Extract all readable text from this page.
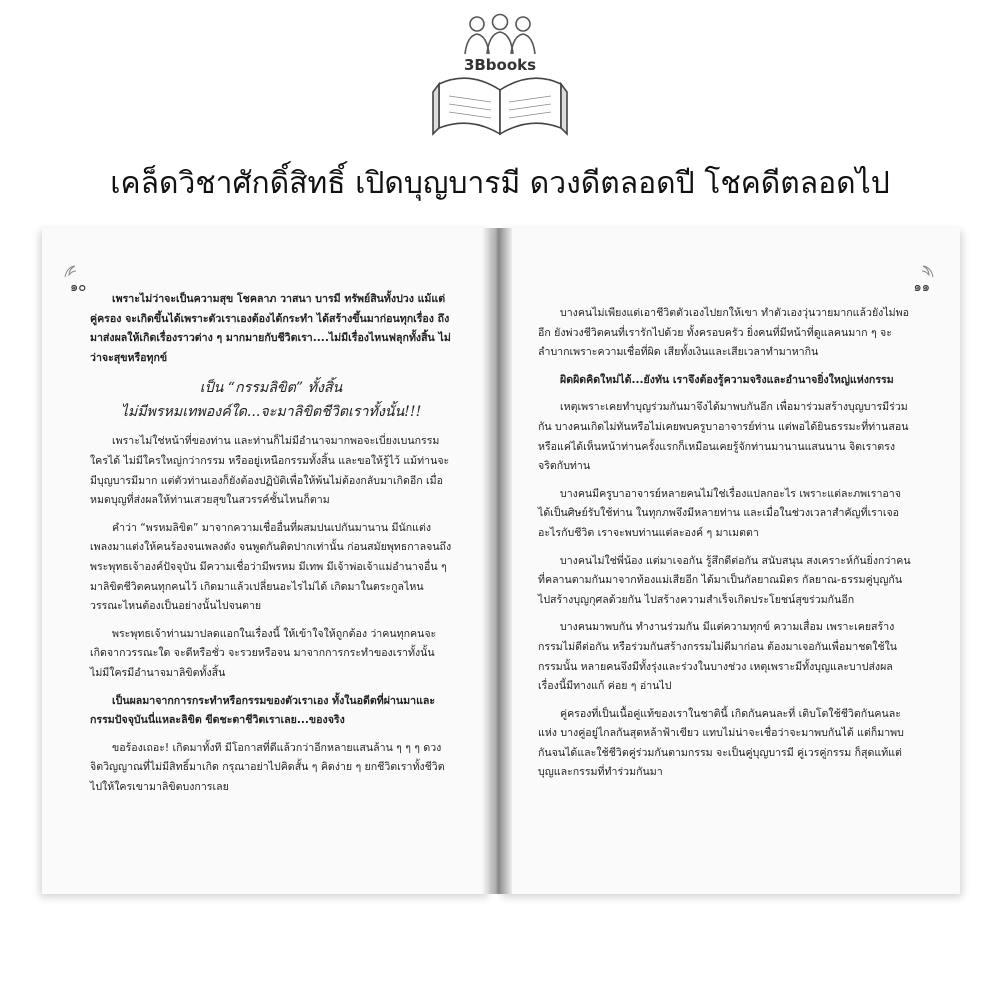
3Bbooks
เคล็ดวิชาศักดิ์สิทธิ์ เปิดบุญบารมี ดวงดีตลอดปี โชคดีตลอดไป
๑๐

เพราะไม่ว่าจะเป็นความสุข โชคลาภ วาสนา บารมี ทรัพย์สินทั้งปวง แม้แต่คู่ครอง จะเกิดขึ้นได้เพราะตัวเราเองต้องได้กระทำ ได้สร้างขึ้นมาก่อนทุกเรื่อง ถึงมาส่งผลให้เกิดเรื่องราวต่าง ๆ มากมายกับชีวิตเรา....ไม่มีเรื่องไหนฟลุกทั้งสิ้น ไม่ว่าจะสุขหรือทุกข์

เป็น “กรรมลิขิต” ทั้งสิ้น
ไม่มีพรหมเทพองค์ใด...จะมาลิขิตชีวิตเราทั้งนั้น!!!

เพราะไม่ใช่หน้าที่ของท่าน และท่านก็ไม่มีอำนาจมากพอจะเบี่ยงเบนกรรมใครได้ ไม่มีใครใหญ่กว่ากรรม หรืออยู่เหนือกรรมทั้งสิ้น และขอให้รู้ไว้ แม้ท่านจะมีบุญบารมีมาก แต่ตัวท่านเองก็ยังต้องปฏิบัติเพื่อให้พ้นไม่ต้องกลับมาเกิดอีก เมื่อหมดบุญที่ส่งผลให้ท่านเสวยสุขในสวรรค์ชั้นไหนก็ตาม

คำว่า “พรหมลิขิต” มาจากความเชื่ออื่นที่ผสมปนเปกันมานาน มีนักแต่งเพลงมาแต่งให้คนร้องจนเพลงดัง จนพูดกันติดปากเท่านั้น ก่อนสมัยพุทธกาลจนถึงพระพุทธเจ้าองค์ปัจจุบัน มีความเชื่อว่ามีพรหม มีเทพ มีเจ้าพ่อเจ้าแม่อำนาจอื่น ๆ มาลิขิตชีวิตคนทุกคนไว้ เกิดมาแล้วเปลี่ยนอะไรไม่ได้ เกิดมาในตระกูลไหน วรรณะไหนต้องเป็นอย่างนั้นไปจนตาย

พระพุทธเจ้าท่านมาปลดแอกในเรื่องนี้ ให้เข้าใจให้ถูกต้อง ว่าคนทุกคนจะเกิดจากวรรณะใด จะดีหรือชั่ว จะรวยหรือจน มาจากการกระทำของเราทั้งนั้น ไม่มีใครมีอำนาจมาลิขิตทั้งสิ้น

เป็นผลมาจากการกระทำหรือกรรมของตัวเราเอง ทั้งในอดีตที่ผ่านมาและกรรมปัจจุบันนี่แหละลิขิต ขีดชะตาชีวิตเราเลย...ของจริง

ขอร้องเถอะ! เกิดมาทั้งที มีโอกาสที่ดีแล้วกว่าอีกหลายแสนล้าน ๆ ๆ ๆ ดวงจิตวิญญาณที่ไม่มีสิทธิ์มาเกิด กรุณาอย่าไปคิดสั้น ๆ คิดง่าย ๆ ยกชีวิตเราทั้งชีวิตไปให้ใครเขามาลิขิตบงการเลย

๑๑

บางคนไม่เพียงแต่เอาชีวิตตัวเองไปยกให้เขา ทำตัวเองวุ่นวายมากแล้วยังไม่พออีก ยังพ่วงชีวิตคนที่เรารักไปด้วย ทั้งครอบครัว ยิ่งคนที่มีหน้าที่ดูแลคนมาก ๆ จะลำบากเพราะความเชื่อที่ผิด เสียทั้งเงินและเสียเวลาทำมาหากิน

ผิดผิดคิดใหม่ได้...ยังทัน เราจึงต้องรู้ความจริงและอำนาจยิ่งใหญ่แห่งกรรม

เหตุเพราะเคยทำบุญร่วมกันมาจึงได้มาพบกันอีก เพื่อมาร่วมสร้างบุญบารมีร่วมกัน บางคนเกิดไม่ทันหรือไม่เคยพบครูบาอาจารย์ท่าน แต่พอได้ยินธรรมะที่ท่านสอน หรือแค่ได้เห็นหน้าท่านครั้งแรกก็เหมือนเคยรู้จักท่านมานานแสนนาน จิตเราตรงจริตกับท่าน

บางคนมีครูบาอาจารย์หลายคนไม่ใช่เรื่องแปลกอะไร เพราะแต่ละภพเราอาจได้เป็นศิษย์รับใช้ท่าน ในทุกภพจึงมีหลายท่าน และเมื่อในช่วงเวลาสำคัญที่เราเจออะไรกับชีวิต เราจะพบท่านแต่ละองค์ ๆ มาเมตตา

บางคนไม่ใช่พี่น้อง แต่มาเจอกัน รู้สึกดีต่อกัน สนับสนุน สงเคราะห์กันยิ่งกว่าคนที่คลานตามกันมาจากท้องแม่เสียอีก ได้มาเป็นกัลยาณมิตร กัลยาณ-ธรรมคู่บุญกัน ไปสร้างบุญกุศลด้วยกัน ไปสร้างความสำเร็จเกิดประโยชน์สุขร่วมกันอีก

บางคนมาพบกัน ทำงานร่วมกัน มีแต่ความทุกข์ ความเสื่อม เพราะเคยสร้างกรรมไม่ดีต่อกัน หรือร่วมกันสร้างกรรมไม่ดีมาก่อน ต้องมาเจอกันเพื่อมาชดใช้ในกรรมนั้น หลายคนจึงมีทั้งรุ่งและร่วงในบางช่วง เหตุเพราะมีทั้งบุญและบาปส่งผล เรื่องนี้มีทางแก้ ค่อย ๆ อ่านไป

คู่ครองที่เป็นเนื้อคู่แท้ของเราในชาตินี้ เกิดกันคนละที่ เติบโตใช้ชีวิตกันคนละแห่ง บางคู่อยู่ไกลกันสุดหล้าฟ้าเขียว แทบไม่น่าจะเชื่อว่าจะมาพบกันได้ แต่ก็มาพบกันจนได้และใช้ชีวิตคู่ร่วมกันตามกรรม จะเป็นคู่บุญบารมี คู่เวรคู่กรรม ก็สุดแท้แต่บุญและกรรมที่ทำร่วมกันมา
